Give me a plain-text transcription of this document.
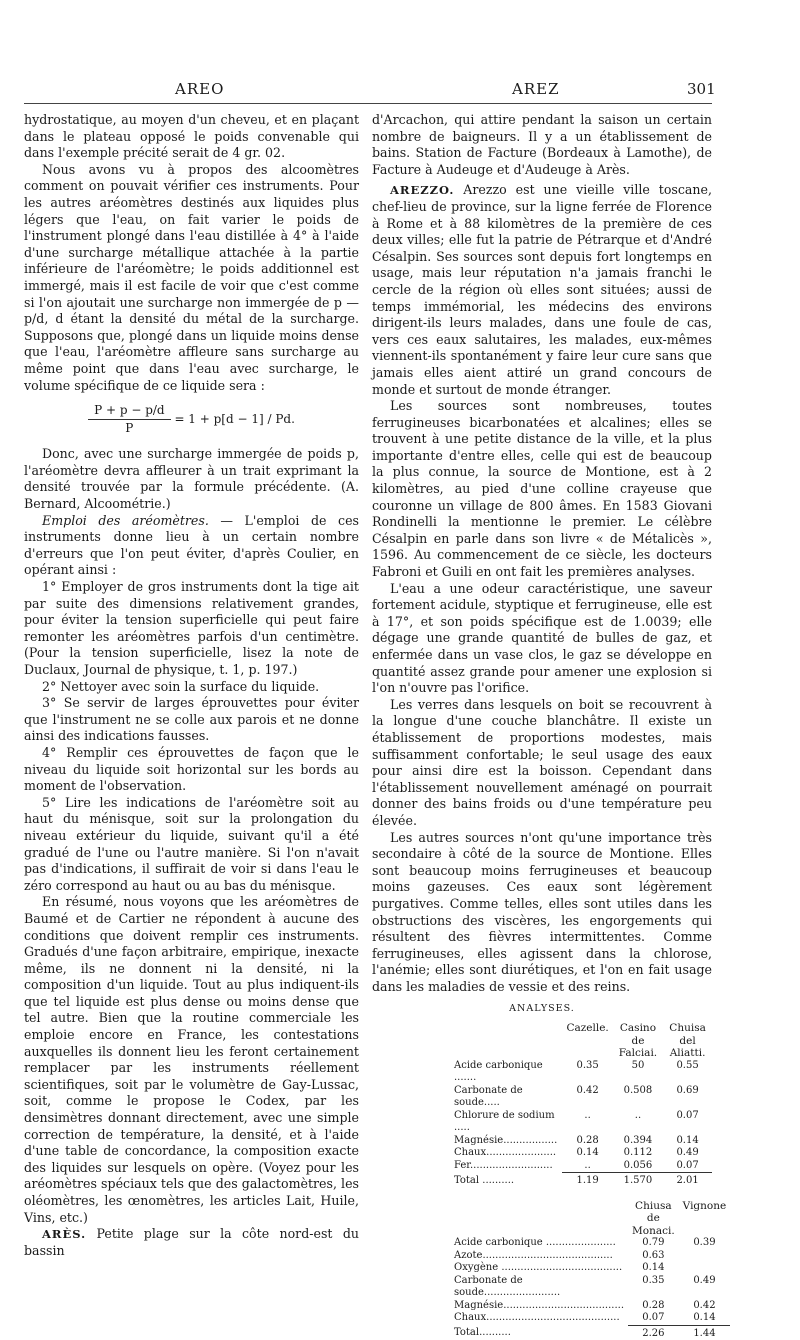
AREO	AREZ	301

hydrostatique, au moyen d'un cheveu, et en plaçant dans le plateau opposé le poids convenable qui dans l'exemple précité serait de 4 gr. 02.

Nous avons vu à propos des alcoomètres comment on pouvait vérifier ces instruments. Pour les autres aréomètres destinés aux liquides plus légers que l'eau, on fait varier le poids de l'instrument plongé dans l'eau distillée à 4° à l'aide d'une surcharge métallique attachée à la partie inférieure de l'aréomètre; le poids additionnel est immergé, mais il est facile de voir que c'est comme si l'on ajoutait une surcharge non immergée de p — p/d, d étant la densité du métal de la surcharge. Supposons que, plongé dans un liquide moins dense que l'eau, l'aréomètre affleure sans surcharge au même point que dans l'eau avec surcharge, le volume spécifique de ce liquide sera :

$\frac{P + p - p/d}{P} = 1 + p[d - 1] / Pd$.

Donc, avec une surcharge immergée de poids p, l'aréomètre devra affleurer à un trait exprimant la densité trouvée par la formule précédente. (A. Bernard, Alcoométrie.)

Emploi des aréomètres. — L'emploi de ces instruments donne lieu à un certain nombre d'erreurs que l'on peut éviter, d'après Coulier, en opérant ainsi :

1° Employer de gros instruments dont la tige ait par suite des dimensions relativement grandes, pour éviter la tension superficielle qui peut faire remonter les aréomètres parfois d'un centimètre. (Pour la tension superficielle, lisez la note de Duclaux, Journal de physique, t. 1, p. 197.)

2° Nettoyer avec soin la surface du liquide.

3° Se servir de larges éprouvettes pour éviter que l'instrument ne se colle aux parois et ne donne ainsi des indications fausses.

4° Remplir ces éprouvettes de façon que le niveau du liquide soit horizontal sur les bords au moment de l'observation.

5° Lire les indications de l'aréomètre soit au haut du ménisque, soit sur la prolongation du niveau extérieur du liquide, suivant qu'il a été gradué de l'une ou l'autre manière. Si l'on n'avait pas d'indications, il suffirait de voir si dans l'eau le zéro correspond au haut ou au bas du ménisque.

En résumé, nous voyons que les aréomètres de Baumé et de Cartier ne répondent à aucune des conditions que doivent remplir ces instruments. Gradués d'une façon arbitraire, empirique, inexacte même, ils ne donnent ni la densité, ni la composition d'un liquide. Tout au plus indiquent-ils que tel liquide est plus dense ou moins dense que tel autre. Bien que la routine commerciale les emploie encore en France, les contestations auxquelles ils donnent lieu les feront certainement remplacer par les instruments réellement scientifiques, soit par le volumètre de Gay-Lussac, soit, comme le propose le Codex, par les densimètres donnant directement, avec une simple correction de température, la densité, et à l'aide d'une table de concordance, la composition exacte des liquides sur lesquels on opère. (Voyez pour les aréomètres spéciaux tels que des galactomètres, les oléomètres, les œnomètres, les articles Lait, Huile, Vins, etc.)

ARÈS. Petite plage sur la côte nord-est du bassin

d'Arcachon, qui attire pendant la saison un certain nombre de baigneurs. Il y a un établissement de bains. Station de Facture (Bordeaux à Lamothe), de Facture à Audeuge et d'Audeuge à Arès.

AREZZO. Arezzo est une vieille ville toscane, chef-lieu de province, sur la ligne ferrée de Florence à Rome et à 88 kilomètres de la première de ces deux villes; elle fut la patrie de Pétrarque et d'André Césalpin. Ses sources sont depuis fort longtemps en usage, mais leur réputation n'a jamais franchi le cercle de la région où elles sont situées; aussi de temps immémorial, les médecins des environs dirigent-ils leurs malades, dans une foule de cas, vers ces eaux salutaires, les malades, eux-mêmes viennent-ils spontanément y faire leur cure sans que jamais elles aient attiré un grand concours de monde et surtout de monde étranger.

Les sources sont nombreuses, toutes ferrugineuses bicarbonatées et alcalines; elles se trouvent à une petite distance de la ville, et la plus importante d'entre elles, celle qui est de beaucoup la plus connue, la source de Montione, est à 2 kilomètres, au pied d'une colline crayeuse que couronne un village de 800 âmes. En 1583 Giovani Rondinelli la mentionne le premier. Le célèbre Césalpin en parle dans son livre « de Métalicès », 1596. Au commencement de ce siècle, les docteurs Fabroni et Guili en ont fait les premières analyses.

L'eau a une odeur caractéristique, une saveur fortement acidule, styptique et ferrugineuse, elle est à 17°, et son poids spécifique est de 1.0039; elle dégage une grande quantité de bulles de gaz, et enfermée dans un vase clos, le gaz se développe en quantité assez grande pour amener une explosion si l'on n'ouvre pas l'orifice.

Les verres dans lesquels on boit se recouvrent à la longue d'une couche blanchâtre. Il existe un établissement de proportions modestes, mais suffisamment confortable; le seul usage des eaux pour ainsi dire est la boisson. Cependant dans l'établissement nouvellement aménagé on pourrait donner des bains froids ou d'une température peu élevée.

Les autres sources n'ont qu'une importance très secondaire à côté de la source de Montione. Elles sont beaucoup moins ferrugineuses et beaucoup moins gazeuses. Ces eaux sont légèrement purgatives. Comme telles, elles sont utiles dans les obstructions des viscères, les engorgements qui résultent des fièvres intermittentes. Comme ferrugineuses, elles agissent dans la chlorose, l'anémie; elles sont diurétiques, et l'on en fait usage dans les maladies de vessie et des reins.

ANALYSES.
	Cazelle.	Casino de Falciai.	Chuisa del Aliatti.
Acide carbonique .......	0.35	50	0.55
Carbonate de soude.....	0.42	0.508	0.69
Chlorure de sodium .....	..	..	0.07
Magnésie.................	0.28	0.394	0.14
Chaux......................	0.14	0.112	0.49
Fer..........................	..	0.056	0.07
Total ..........	1.19	1.570	2.01
	Chiusa de Monaci.	Vignone
Acide carbonique ......................	0.79	0.39
Azote.........................................	0.63	
Oxygène ......................................	0.14	
Carbonate de soude........................	0.35	0.49
Magnésie......................................	0.28	0.42
Chaux..........................................	0.07	0.14
Total..........	2.26	1.44
